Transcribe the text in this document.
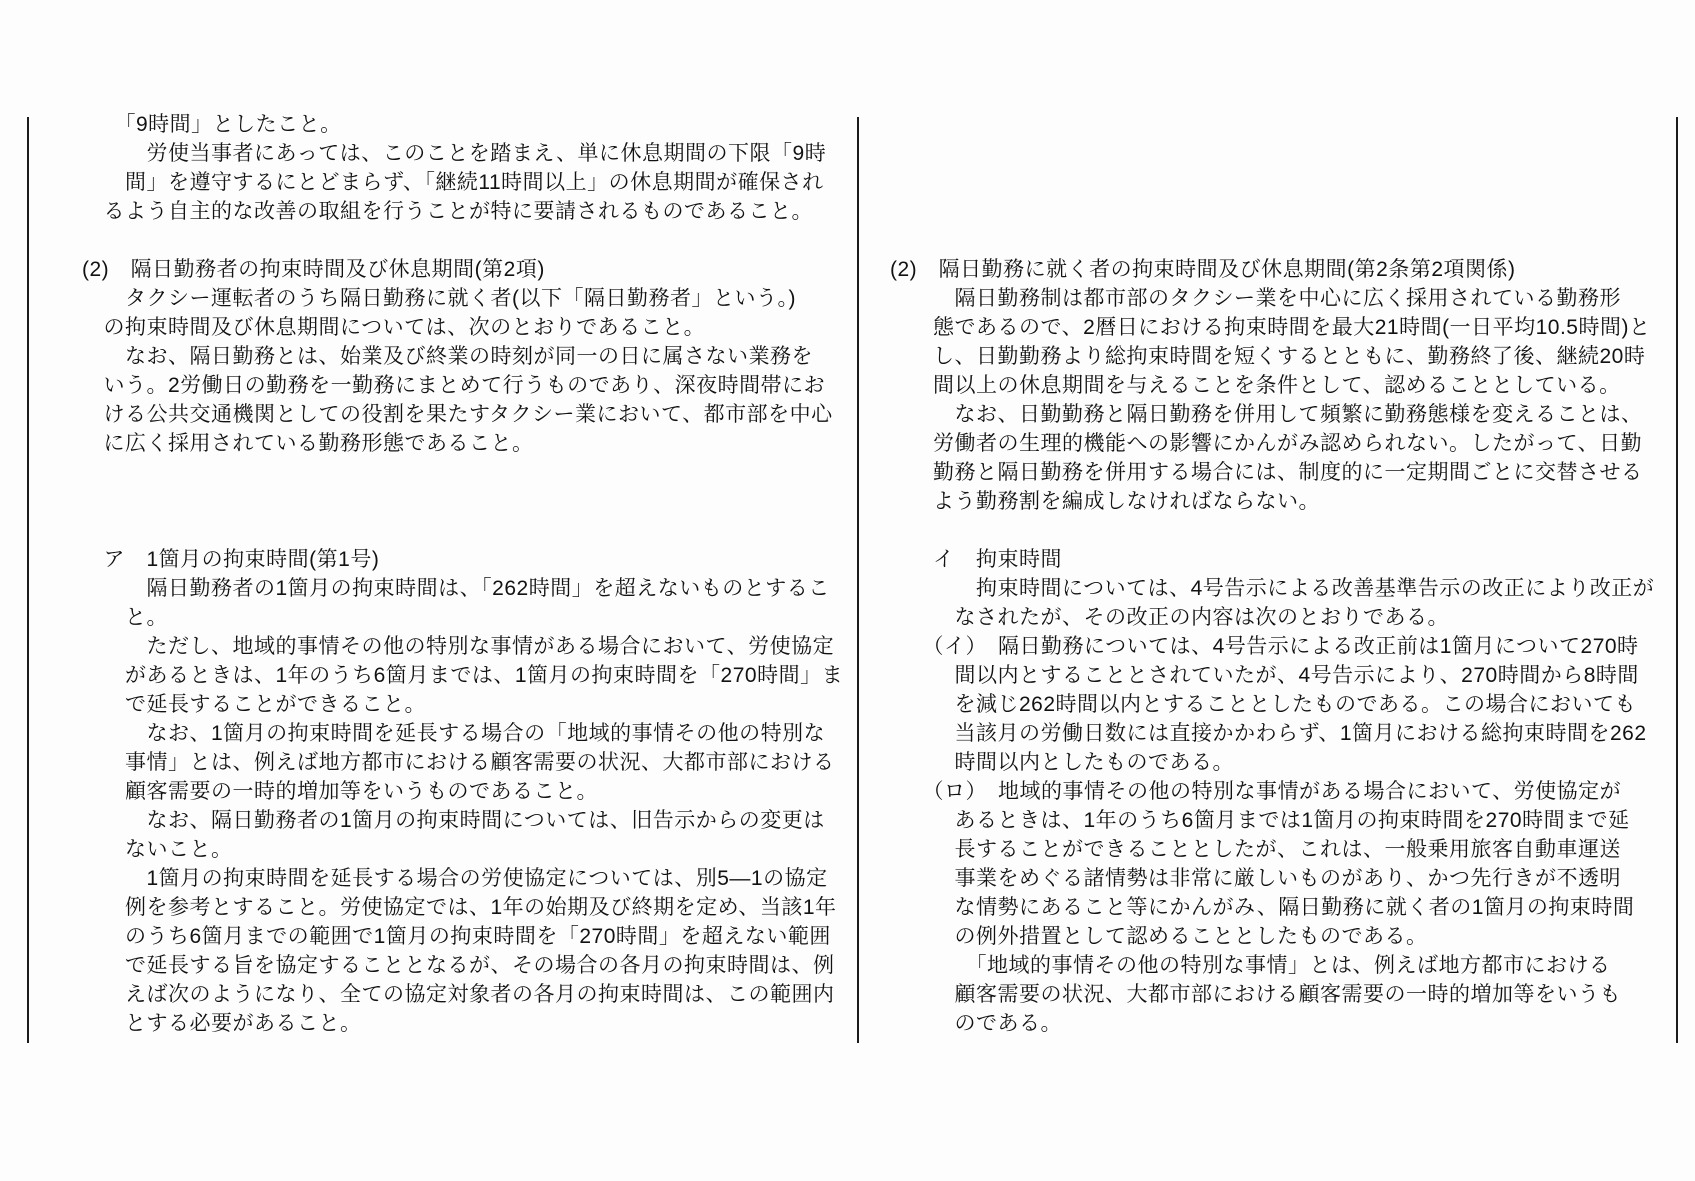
　　「9時間」としたこと。
　　　労使当事者にあっては、このことを踏まえ、単に休息期間の下限「9時
　　間」を遵守するにとどまらず、「継続11時間以上」の休息期間が確保され
　るよう自主的な改善の取組を行うことが特に要請されるものであること。
(2)　隔日勤務者の拘束時間及び休息期間(第2項)
　　タクシー運転者のうち隔日勤務に就く者(以下「隔日勤務者」という。)
　の拘束時間及び休息期間については、次のとおりであること。
　　なお、隔日勤務とは、始業及び終業の時刻が同一の日に属さない業務を
　いう。2労働日の勤務を一勤務にまとめて行うものであり、深夜時間帯にお
　ける公共交通機関としての役割を果たすタクシー業において、都市部を中心
　に広く採用されている勤務形態であること。
　ア　1箇月の拘束時間(第1号)
　　　隔日勤務者の1箇月の拘束時間は、「262時間」を超えないものとするこ
　　と。
　　　ただし、地域的事情その他の特別な事情がある場合において、労使協定
　　があるときは、1年のうち6箇月までは、1箇月の拘束時間を「270時間」ま
　　で延長することができること。
　　　なお、1箇月の拘束時間を延長する場合の「地域的事情その他の特別な
　　事情」とは、例えば地方都市における顧客需要の状況、大都市部における
　　顧客需要の一時的増加等をいうものであること。
　　　なお、隔日勤務者の1箇月の拘束時間については、旧告示からの変更は
　　ないこと。
　　　1箇月の拘束時間を延長する場合の労使協定については、別5―1の協定
　　例を参考とすること。労使協定では、1年の始期及び終期を定め、当該1年
　　のうち6箇月までの範囲で1箇月の拘束時間を「270時間」を超えない範囲
　　で延長する旨を協定することとなるが、その場合の各月の拘束時間は、例
　　えば次のようになり、全ての協定対象者の各月の拘束時間は、この範囲内
　　とする必要があること。
(2)　隔日勤務に就く者の拘束時間及び休息期間(第2条第2項関係)
　　　隔日勤務制は都市部のタクシー業を中心に広く採用されている勤務形
　　態であるので、2暦日における拘束時間を最大21時間(一日平均10.5時間)と
　　し、日勤勤務より総拘束時間を短くするとともに、勤務終了後、継続20時
　　間以上の休息期間を与えることを条件として、認めることとしている。
　　　なお、日勤勤務と隔日勤務を併用して頻繁に勤務態様を変えることは、
　　労働者の生理的機能への影響にかんがみ認められない。したがって、日勤
　　勤務と隔日勤務を併用する場合には、制度的に一定期間ごとに交替させる
　　よう勤務割を編成しなければならない。
　　イ　拘束時間
　　　　拘束時間については、4号告示による改善基準告示の改正により改正が
　　　なされたが、その改正の内容は次のとおりである。
　　（イ）　隔日勤務については、4号告示による改正前は1箇月について270時
　　　間以内とすることとされていたが、4号告示により、270時間から8時間
　　　を減じ262時間以内とすることとしたものである。この場合においても
　　　当該月の労働日数には直接かかわらず、1箇月における総拘束時間を262
　　　時間以内としたものである。
　　（ロ）　地域的事情その他の特別な事情がある場合において、労使協定が
　　　あるときは、1年のうち6箇月までは1箇月の拘束時間を270時間まで延
　　　長することができることとしたが、これは、一般乗用旅客自動車運送
　　　事業をめぐる諸情勢は非常に厳しいものがあり、かつ先行きが不透明
　　　な情勢にあること等にかんがみ、隔日勤務に就く者の1箇月の拘束時間
　　　の例外措置として認めることとしたものである。
　　　　「地域的事情その他の特別な事情」とは、例えば地方都市における
　　　顧客需要の状況、大都市部における顧客需要の一時的増加等をいうも
　　　のである。
